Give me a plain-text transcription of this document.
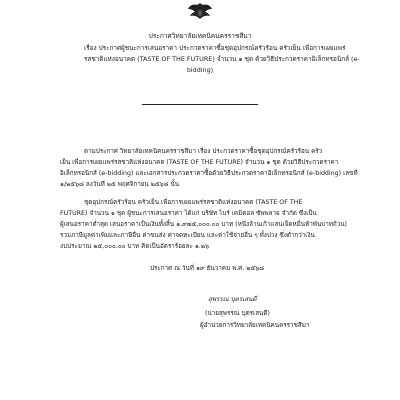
ประกาศวิทยาลัยเทคนิคนครราชสีมา
เรื่อง ประกาศผู้ชนะการเสนอราคา ประกวดราคาซื้อชุดอุปกรณ์ครัวร้อน ครัวเย็น เพื่อการเผยแพร่
รสชาติแห่งอนาคต (TASTE OF THE FUTURE) จำนวน ๑ ชุด ด้วยวิธีประกวดราคาอิเล็กทรอนิกส์ (e-
bidding)
ตามประกาศ วิทยาลัยเทคนิคนครราชสีมา เรื่อง ประกวดราคาซื้อชุดอุปกรณ์ครัวร้อน ครัว
เย็น เพื่อการเผยแพร่รสชาติแห่งอนาคต (TASTE OF THE FUTURE) จำนวน ๑ ชุด ด้วยวิธีประกวดราคา
อิเล็กทรอนิกส์ (e-bidding) และเอกสารประกวดราคาซื้อด้วยวิธีประกวดราคาอิเล็กทรอนิกส์ (e-bidding) เลขที่
๑/๒๕๖๘ ลงวันที่ ๒๕ พฤศจิกายน ๒๕๖๘ นั้น
ชุดอุปกรณ์ครัวร้อน ครัวเย็น เพื่อการเผยแพร่รสชาติแห่งอนาคต (TASTE OF THE
FUTURE) จำนวน ๑ ชุด ผู้ชนะการเสนอราคา ได้แก่ บริษัท ไบร์ เคมิคอล ซัพพลาย จำกัด ซึ่งเป็น
ผู้เสนอราคาต่ำสุด เสนอราคาเป็นเงินทั้งสิ้น ๑,๙๗๕,๐๐๐.๐๐ บาท (หนึ่งล้านเก้าแสนเจ็ดหมื่นห้าพันบาทถ้วน)
รวมภาษีมูลค่าเพิ่มและภาษีอื่น ค่าขนส่ง ค่าจดทะเบียน และค่าใช้จ่ายอื่น ๆ ทั้งปวง ซึ่งต่ำกว่าเงิน
งบประมาณ ๒๕,๐๐๐.๐๐ บาท คิดเป็นอัตราร้อยละ ๑.๒๖
ประกาศ ณ วันที่ ๑๙ ธันวาคม พ.ศ. ๒๕๖๘
สุพรรณ บุตรเสนดี
(นายสุพรรณ บุตรเสนดี)
ผู้อำนวยการวิทยาลัยเทคนิคนครราชสีมา
